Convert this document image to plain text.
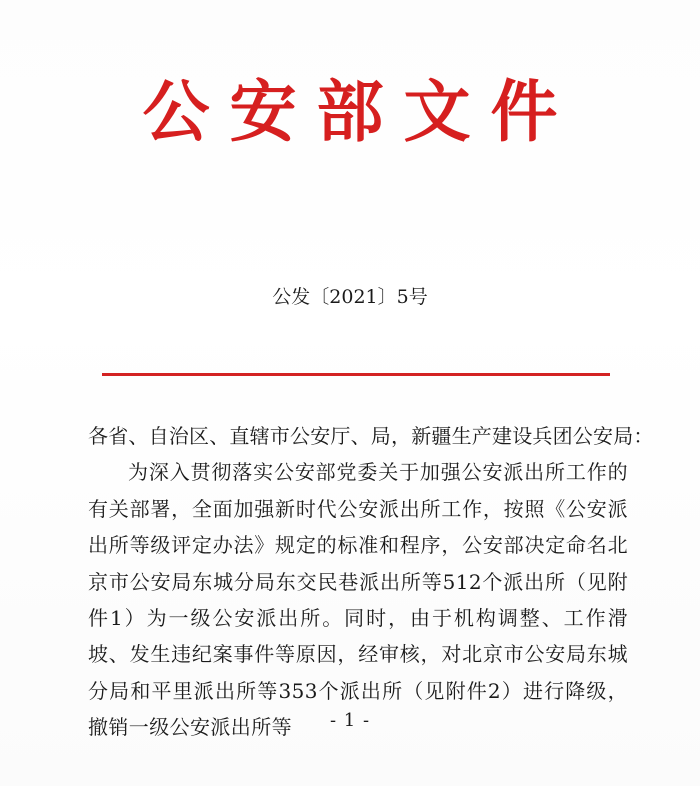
公安部文件
公发〔2021〕5号

各省、自治区、直辖市公安厅、局，新疆生产建设兵团公安局：

为深入贯彻落实公安部党委关于加强公安派出所工作的有关部署，全面加强新时代公安派出所工作，按照《公安派出所等级评定办法》规定的标准和程序，公安部决定命名北京市公安局东城分局东交民巷派出所等512个派出所（见附件1）为一级公安派出所。同时，由于机构调整、工作滑坡、发生违纪案事件等原因，经审核，对北京市公安局东城分局和平里派出所等353个派出所（见附件2）进行降级，撤销一级公安派出所等	- 1 -
